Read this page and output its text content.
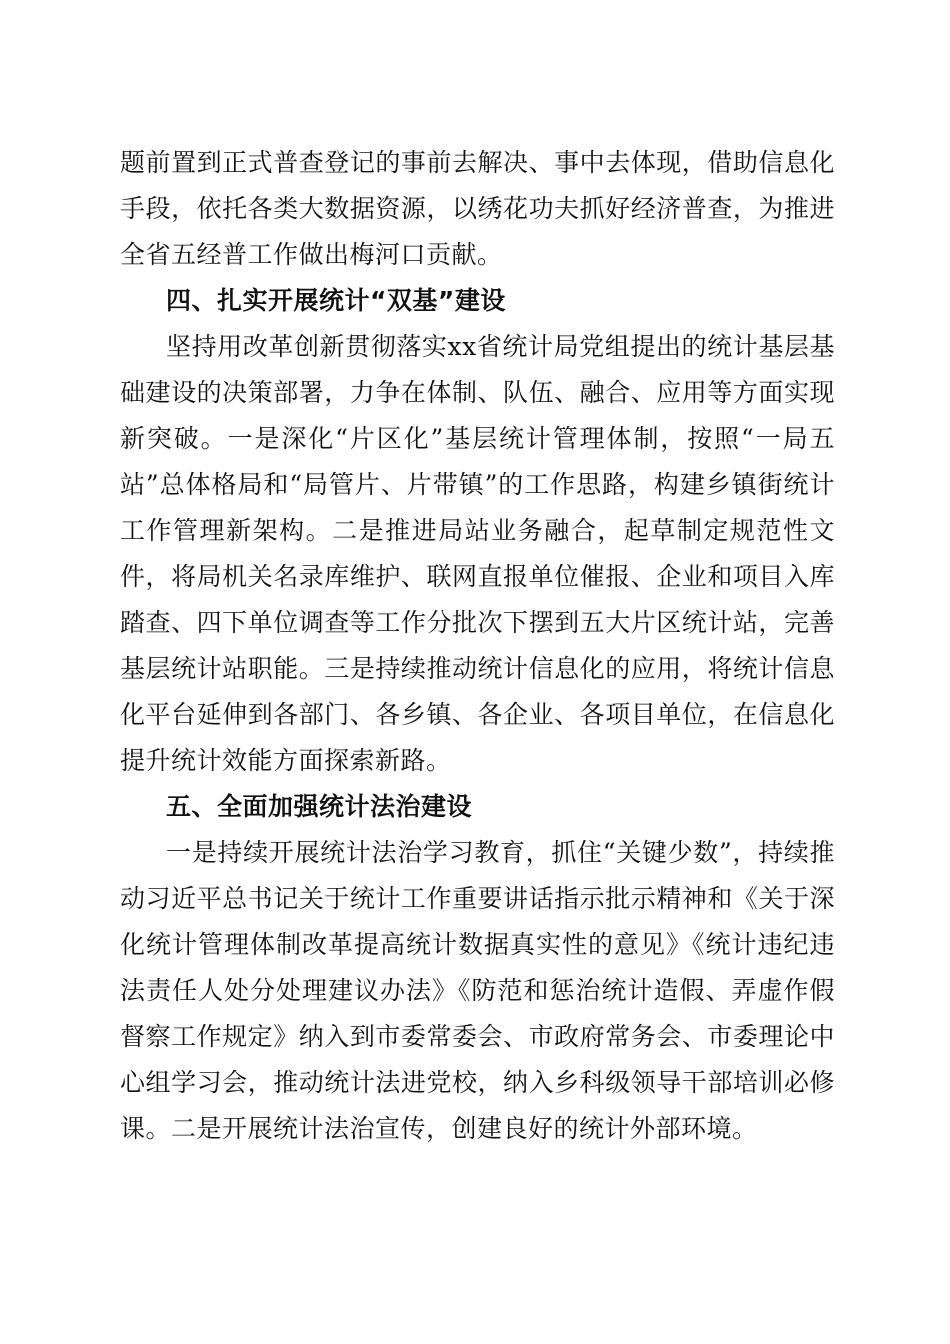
题前置到正式普查登记的事前去解决、事中去体现，借助信息化手段，依托各类大数据资源，以绣花功夫抓好经济普查，为推进全省五经普工作做出梅河口贡献。

四、扎实开展统计“双基”建设

坚持用改革创新贯彻落实xx省统计局党组提出的统计基层基础建设的决策部署，力争在体制、队伍、融合、应用等方面实现新突破。一是深化“片区化”基层统计管理体制，按照“一局五站”总体格局和“局管片、片带镇”的工作思路，构建乡镇街统计工作管理新架构。二是推进局站业务融合，起草制定规范性文件，将局机关名录库维护、联网直报单位催报、企业和项目入库踏查、四下单位调查等工作分批次下摆到五大片区统计站，完善基层统计站职能。三是持续推动统计信息化的应用，将统计信息化平台延伸到各部门、各乡镇、各企业、各项目单位，在信息化提升统计效能方面探索新路。

五、全面加强统计法治建设

一是持续开展统计法治学习教育，抓住“关键少数”，持续推动习近平总书记关于统计工作重要讲话指示批示精神和《关于深化统计管理体制改革提高统计数据真实性的意见》《统计违纪违法责任人处分处理建议办法》《防范和惩治统计造假、弄虚作假督察工作规定》纳入到市委常委会、市政府常务会、市委理论中心组学习会，推动统计法进党校，纳入乡科级领导干部培训必修课。二是开展统计法治宣传，创建良好的统计外部环境。
